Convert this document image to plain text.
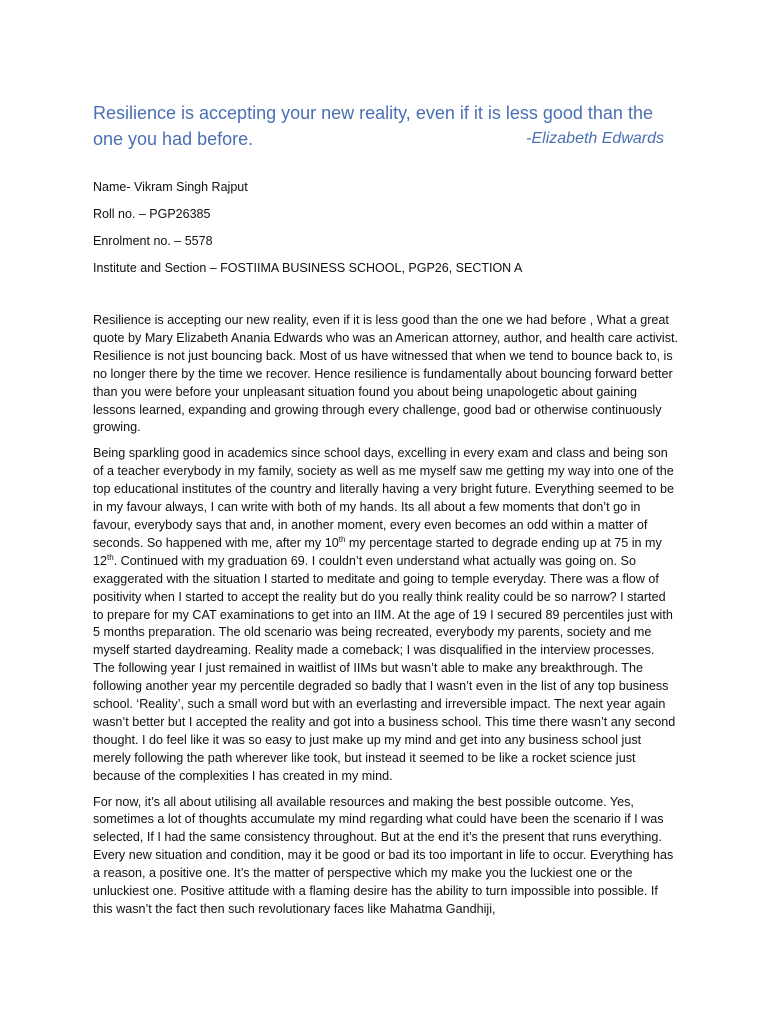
Resilience is accepting your new reality, even if it is less good than the
one you had before.	-Elizabeth Edwards
Name- Vikram Singh Rajput
Roll no. – PGP26385
Enrolment no. – 5578
Institute and Section – FOSTIIMA BUSINESS SCHOOL, PGP26, SECTION A

Resilience is accepting our new reality, even if it is less good than the one we had before , What a great quote by Mary Elizabeth Anania Edwards who was an American attorney, author, and health care activist. Resilience is not just bouncing back. Most of us have witnessed that when we tend to bounce back to, is no longer there by the time we recover. Hence resilience is fundamentally about bouncing forward better than you were before your unpleasant situation found you about being unapologetic about gaining lessons learned, expanding and growing through every challenge, good bad or otherwise continuously growing.

Being sparkling good in academics since school days, excelling in every exam and class and being son of a teacher everybody in my family, society as well as me myself saw me getting my way into one of the top educational institutes of the country and literally having a very bright future. Everything seemed to be in my favour always, I can write with both of my hands. Its all about a few moments that don’t go in favour, everybody says that and, in another moment, every even becomes an odd within a matter of seconds. So happened with me, after my 10th my percentage started to degrade ending up at 75 in my 12th. Continued with my graduation 69. I couldn’t even understand what actually was going on. So exaggerated with the situation I started to meditate and going to temple everyday. There was a flow of positivity when I started to accept the reality but do you really think reality could be so narrow? I started to prepare for my CAT examinations to get into an IIM. At the age of 19 I secured 89 percentiles just with 5 months preparation. The old scenario was being recreated, everybody my parents, society and me myself started daydreaming. Reality made a comeback; I was disqualified in the interview processes. The following year I just remained in waitlist of IIMs but wasn’t able to make any breakthrough. The following another year my percentile degraded so badly that I wasn’t even in the list of any top business school. ‘Reality’, such a small word but with an everlasting and irreversible impact. The next year again wasn’t better but I accepted the reality and got into a business school. This time there wasn’t any second thought. I do feel like it was so easy to just make up my mind and get into any business school just merely following the path wherever like took, but instead it seemed to be like a rocket science just because of the complexities I has created in my mind.

For now, it’s all about utilising all available resources and making the best possible outcome. Yes, sometimes a lot of thoughts accumulate my mind regarding what could have been the scenario if I was selected, If I had the same consistency throughout. But at the end it’s the present that runs everything. Every new situation and condition, may it be good or bad its too important in life to occur. Everything has a reason, a positive one. It’s the matter of perspective which my make you the luckiest one or the unluckiest one. Positive attitude with a flaming desire has the ability to turn impossible into possible. If this wasn’t the fact then such revolutionary faces like Mahatma Gandhiji,
